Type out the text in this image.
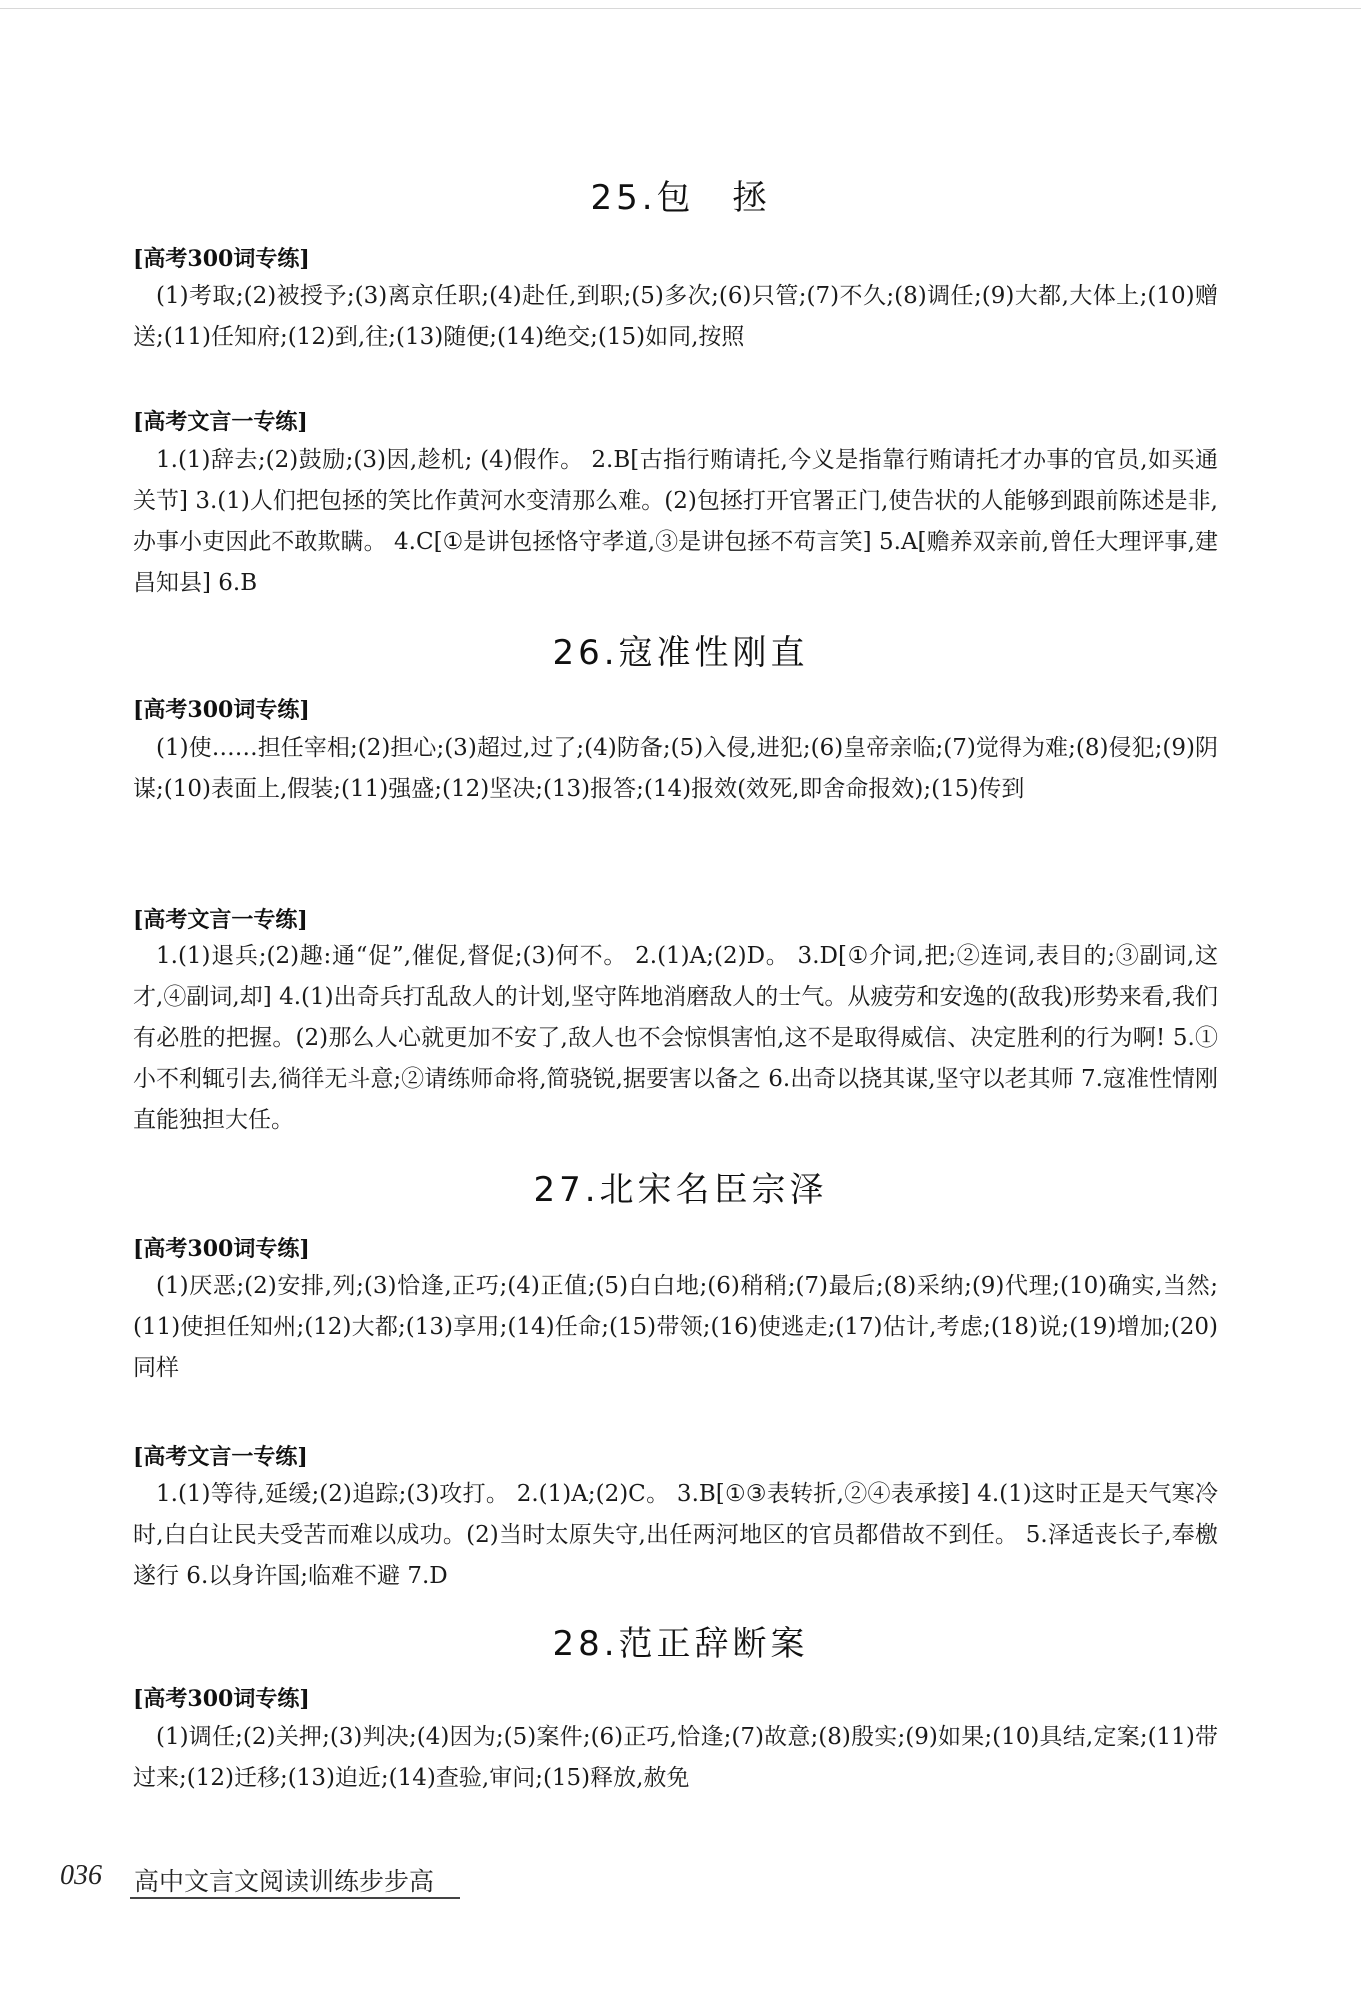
25.包　拯
[高考300词专练]

(1)考取;(2)被授予;(3)离京任职;(4)赴任,到职;(5)多次;(6)只管;(7)不久;(8)调任;(9)大都,大体上;(10)赠送;(11)任知府;(12)到,往;(13)随便;(14)绝交;(15)如同,按照

[高考文言一专练]

1.(1)辞去;(2)鼓励;(3)因,趁机; (4)假作。 2.B[古指行贿请托,今义是指靠行贿请托才办事的官员,如买通关节] 3.(1)人们把包拯的笑比作黄河水变清那么难。(2)包拯打开官署正门,使告状的人能够到跟前陈述是非,办事小吏因此不敢欺瞒。 4.C[①是讲包拯恪守孝道,③是讲包拯不苟言笑] 5.A[赡养双亲前,曾任大理评事,建昌知县] 6.B

26.寇准性刚直
[高考300词专练]

(1)使……担任宰相;(2)担心;(3)超过,过了;(4)防备;(5)入侵,进犯;(6)皇帝亲临;(7)觉得为难;(8)侵犯;(9)阴谋;(10)表面上,假装;(11)强盛;(12)坚决;(13)报答;(14)报效(效死,即舍命报效);(15)传到

[高考文言一专练]

1.(1)退兵;(2)趣:通“促”,催促,督促;(3)何不。 2.(1)A;(2)D。 3.D[①介词,把;②连词,表目的;③副词,这才,④副词,却] 4.(1)出奇兵打乱敌人的计划,坚守阵地消磨敌人的士气。从疲劳和安逸的(敌我)形势来看,我们有必胜的把握。(2)那么人心就更加不安了,敌人也不会惊惧害怕,这不是取得威信、决定胜利的行为啊! 5.①小不利辄引去,徜徉无斗意;②请练师命将,简骁锐,据要害以备之 6.出奇以挠其谋,坚守以老其师 7.寇准性情刚直能独担大任。

27.北宋名臣宗泽
[高考300词专练]

(1)厌恶;(2)安排,列;(3)恰逢,正巧;(4)正值;(5)白白地;(6)稍稍;(7)最后;(8)采纳;(9)代理;(10)确实,当然;(11)使担任知州;(12)大都;(13)享用;(14)任命;(15)带领;(16)使逃走;(17)估计,考虑;(18)说;(19)增加;(20)同样

[高考文言一专练]

1.(1)等待,延缓;(2)追踪;(3)攻打。 2.(1)A;(2)C。 3.B[①③表转折,②④表承接] 4.(1)这时正是天气寒冷时,白白让民夫受苦而难以成功。(2)当时太原失守,出任两河地区的官员都借故不到任。 5.泽适丧长子,奉檄遂行 6.以身许国;临难不避 7.D

28.范正辞断案
[高考300词专练]

(1)调任;(2)关押;(3)判决;(4)因为;(5)案件;(6)正巧,恰逢;(7)故意;(8)殷实;(9)如果;(10)具结,定案;(11)带过来;(12)迁移;(13)迫近;(14)查验,审问;(15)释放,赦免

036 高中文言文阅读训练步步高
